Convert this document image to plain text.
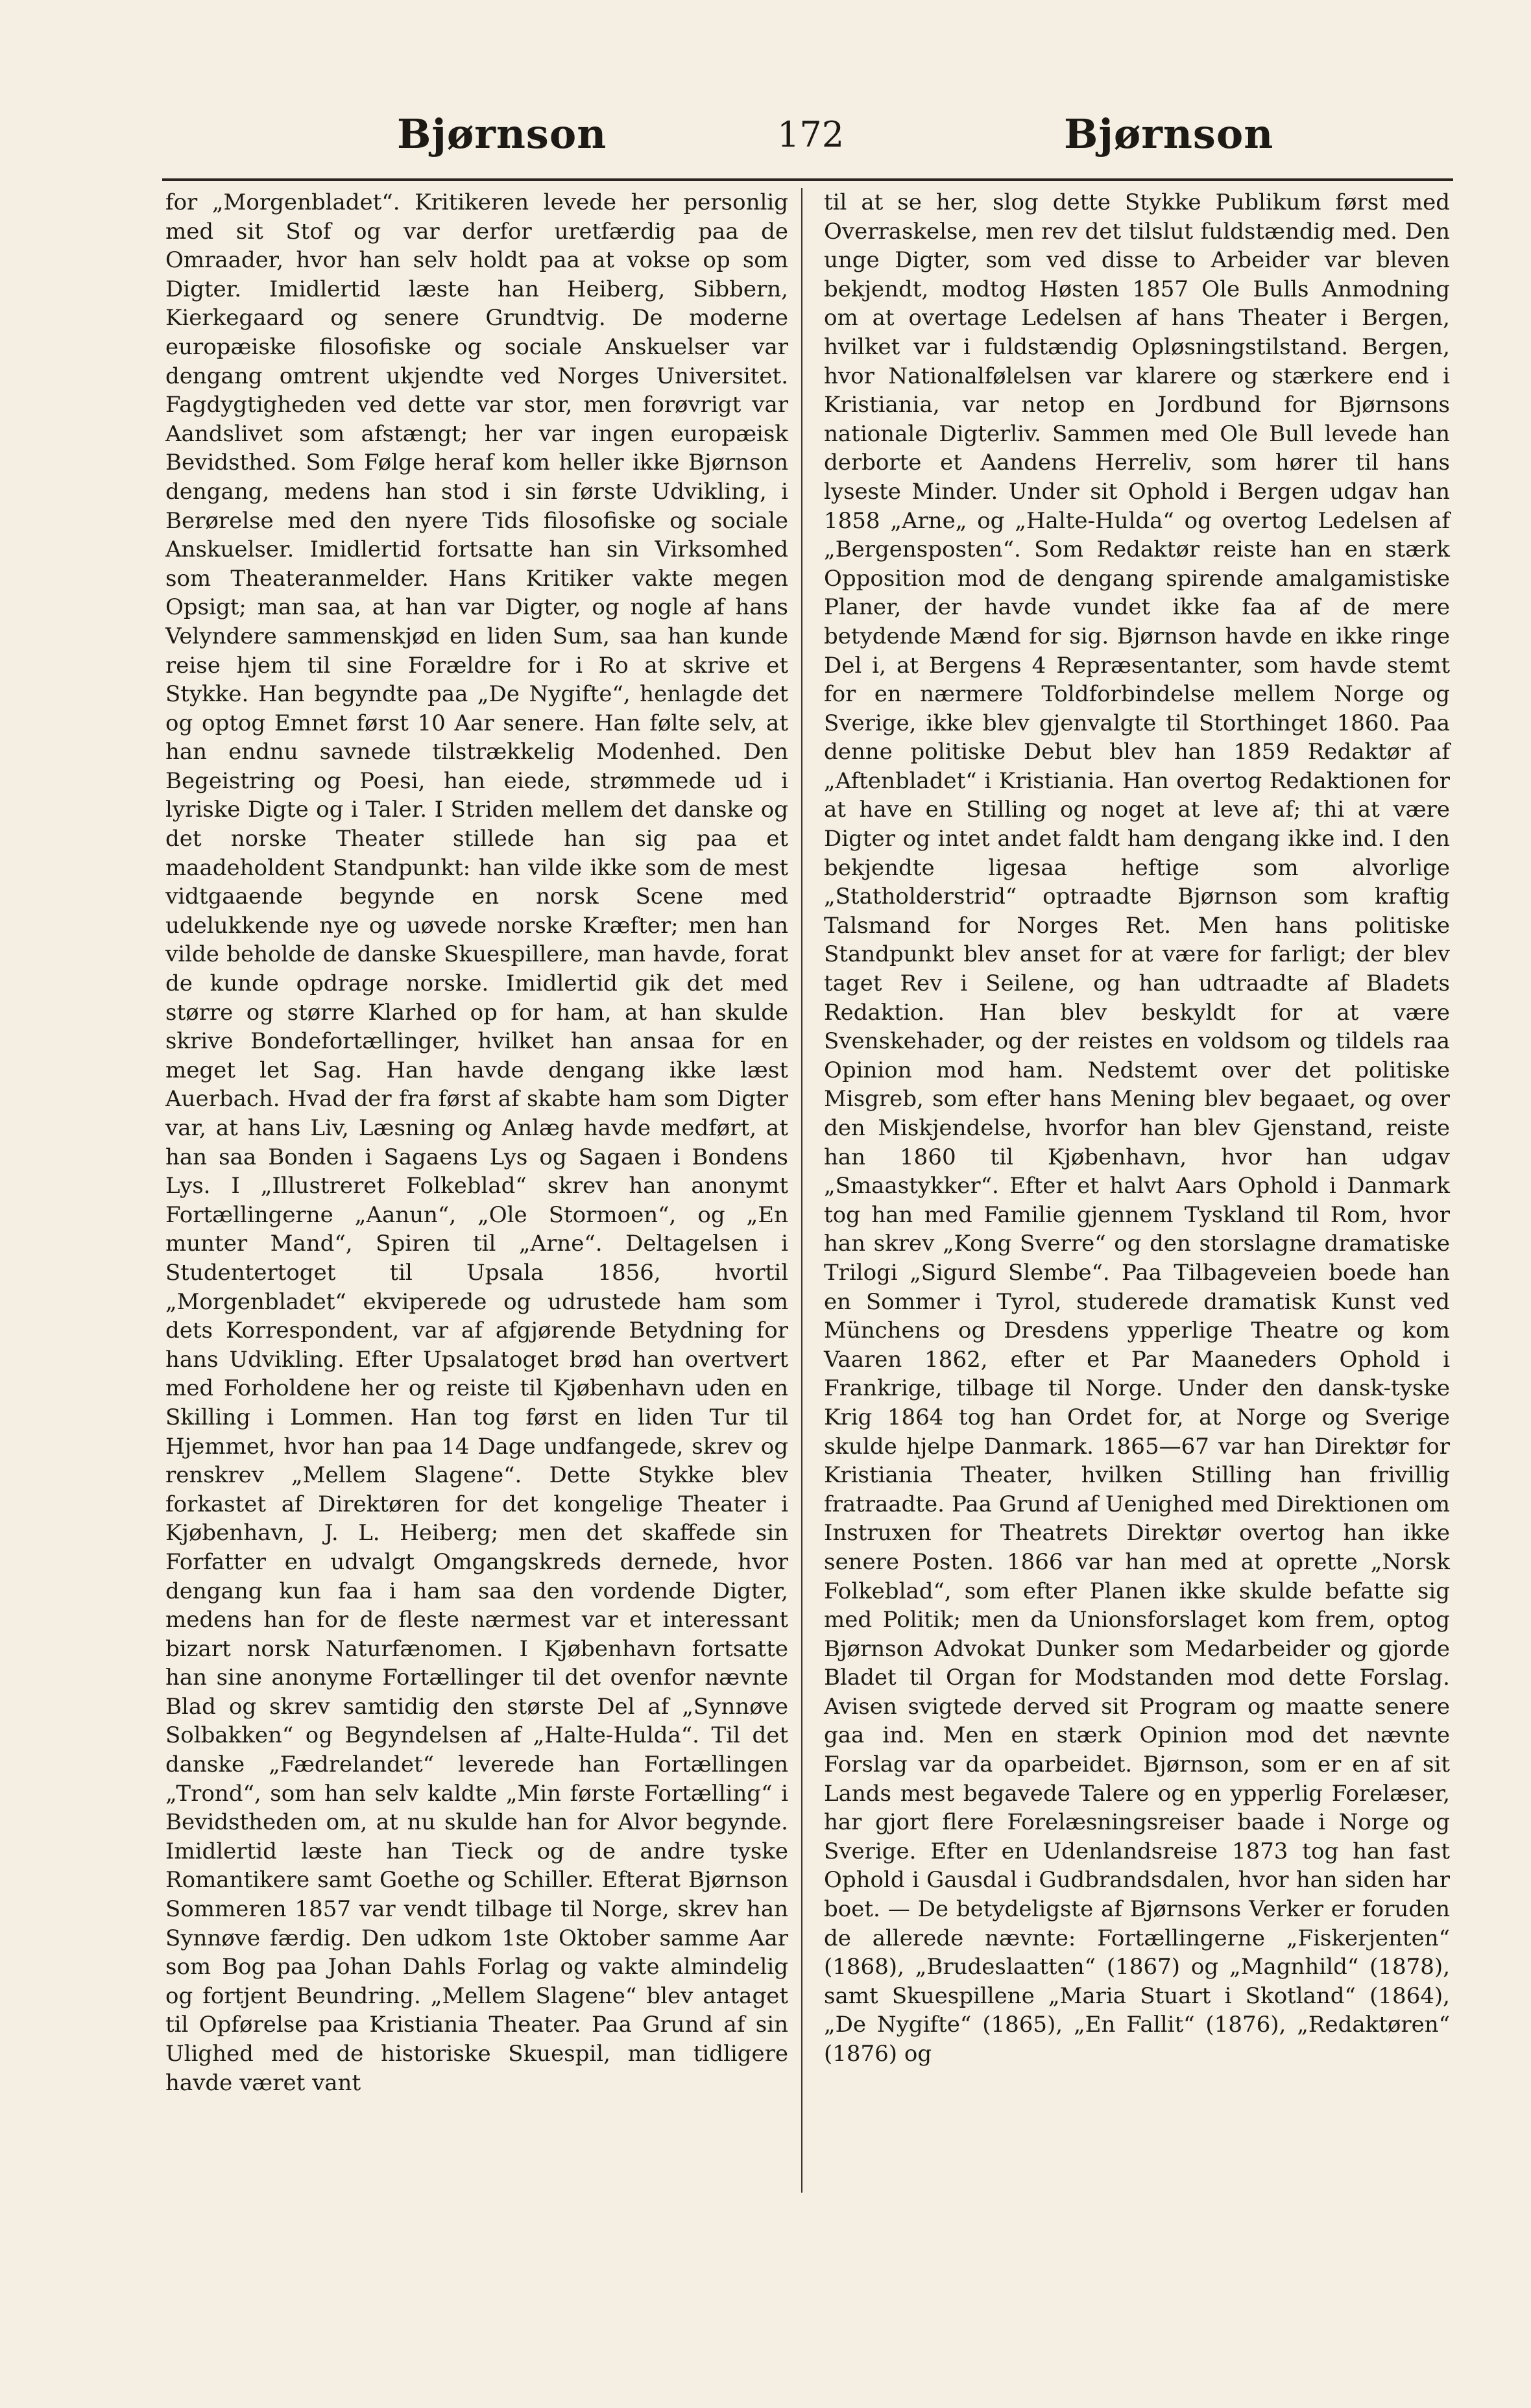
Bjørnson	172	Bjørnson

for „Morgenbladet“. Kritikeren levede her personlig med sit Stof og var derfor uretfærdig paa de Omraader, hvor han selv holdt paa at vokse op som Digter. Imidlertid læste han Heiberg, Sibbern, Kierkegaard og senere Grundtvig. De moderne europæiske filosofiske og sociale Anskuelser var dengang omtrent ukjendte ved Norges Universitet. Fagdygtigheden ved dette var stor, men forøvrigt var Aandslivet som afstængt; her var ingen europæisk Bevidsthed. Som Følge heraf kom heller ikke Bjørnson dengang, medens han stod i sin første Udvikling, i Berørelse med den nyere Tids filosofiske og sociale Anskuelser. Imidlertid fortsatte han sin Virksomhed som Theateranmelder. Hans Kritiker vakte megen Opsigt; man saa, at han var Digter, og nogle af hans Velyndere sammenskjød en liden Sum, saa han kunde reise hjem til sine Forældre for i Ro at skrive et Stykke. Han begyndte paa „De Nygifte“, henlagde det og optog Emnet først 10 Aar senere. Han følte selv, at han endnu savnede tilstrækkelig Modenhed. Den Begeistring og Poesi, han eiede, strømmede ud i lyriske Digte og i Taler. I Striden mellem det danske og det norske Theater stillede han sig paa et maadeholdent Standpunkt: han vilde ikke som de mest vidtgaaende begynde en norsk Scene med udelukkende nye og uøvede norske Kræfter; men han vilde beholde de danske Skuespillere, man havde, forat de kunde opdrage norske. Imidlertid gik det med større og større Klarhed op for ham, at han skulde skrive Bondefortællinger, hvilket han ansaa for en meget let Sag. Han havde dengang ikke læst Auerbach. Hvad der fra først af skabte ham som Digter var, at hans Liv, Læsning og Anlæg havde medført, at han saa Bonden i Sagaens Lys og Sagaen i Bondens Lys. I „Illustreret Folkeblad“ skrev han anonymt Fortællingerne „Aanun“, „Ole Stormoen“, og „En munter Mand“, Spiren til „Arne“. Deltagelsen i Studentertoget til Upsala 1856, hvortil „Morgenbladet“ ekviperede og udrustede ham som dets Korrespondent, var af afgjørende Betydning for hans Udvikling. Efter Upsalatoget brød han overtvert med Forholdene her og reiste til Kjøbenhavn uden en Skilling i Lommen. Han tog først en liden Tur til Hjemmet, hvor han paa 14 Dage undfangede, skrev og renskrev „Mellem Slagene“. Dette Stykke blev forkastet af Direktøren for det kongelige Theater i Kjøbenhavn, J. L. Heiberg; men det skaffede sin Forfatter en udvalgt Omgangskreds dernede, hvor dengang kun faa i ham saa den vordende Digter, medens han for de fleste nærmest var et interessant bizart norsk Naturfænomen. I Kjøbenhavn fortsatte han sine anonyme Fortællinger til det ovenfor nævnte Blad og skrev samtidig den største Del af „Synnøve Solbakken“ og Begyndelsen af „Halte-Hulda“. Til det danske „Fædrelandet“ leverede han Fortællingen „Trond“, som han selv kaldte „Min første Fortælling“ i Bevidstheden om, at nu skulde han for Alvor begynde. Imidlertid læste han Tieck og de andre tyske Romantikere samt Goethe og Schiller. Efterat Bjørnson Sommeren 1857 var vendt tilbage til Norge, skrev han Synnøve færdig. Den udkom 1ste Oktober samme Aar som Bog paa Johan Dahls Forlag og vakte almindelig og fortjent Beundring. „Mellem Slagene“ blev antaget til Opførelse paa Kristiania Theater. Paa Grund af sin Ulighed med de historiske Skuespil, man tidligere havde været vant

til at se her, slog dette Stykke Publikum først med Overraskelse, men rev det tilslut fuldstændig med. Den unge Digter, som ved disse to Arbeider var bleven bekjendt, modtog Høsten 1857 Ole Bulls Anmodning om at overtage Ledelsen af hans Theater i Bergen, hvilket var i fuldstændig Opløsningstilstand. Bergen, hvor Nationalfølelsen var klarere og stærkere end i Kristiania, var netop en Jordbund for Bjørnsons nationale Digterliv. Sammen med Ole Bull levede han derborte et Aandens Herreliv, som hører til hans lyseste Minder. Under sit Ophold i Bergen udgav han 1858 „Arne„ og „Halte-Hulda“ og overtog Ledelsen af „Bergensposten“. Som Redaktør reiste han en stærk Opposition mod de dengang spirende amalgamistiske Planer, der havde vundet ikke faa af de mere betydende Mænd for sig. Bjørnson havde en ikke ringe Del i, at Bergens 4 Repræsentanter, som havde stemt for en nærmere Toldforbindelse mellem Norge og Sverige, ikke blev gjenvalgte til Storthinget 1860. Paa denne politiske Debut blev han 1859 Redaktør af „Aftenbladet“ i Kristiania. Han overtog Redaktionen for at have en Stilling og noget at leve af; thi at være Digter og intet andet faldt ham dengang ikke ind. I den bekjendte ligesaa heftige som alvorlige „Statholderstrid“ optraadte Bjørnson som kraftig Talsmand for Norges Ret. Men hans politiske Standpunkt blev anset for at være for farligt; der blev taget Rev i Seilene, og han udtraadte af Bladets Redaktion. Han blev beskyldt for at være Svenskehader, og der reistes en voldsom og tildels raa Opinion mod ham. Nedstemt over det politiske Misgreb, som efter hans Mening blev begaaet, og over den Miskjendelse, hvorfor han blev Gjenstand, reiste han 1860 til Kjøbenhavn, hvor han udgav „Smaastykker“. Efter et halvt Aars Ophold i Danmark tog han med Familie gjennem Tyskland til Rom, hvor han skrev „Kong Sverre“ og den storslagne dramatiske Trilogi „Sigurd Slembe“. Paa Tilbageveien boede han en Sommer i Tyrol, studerede dramatisk Kunst ved Münchens og Dresdens ypperlige Theatre og kom Vaaren 1862, efter et Par Maaneders Ophold i Frankrige, tilbage til Norge. Under den dansk-tyske Krig 1864 tog han Ordet for, at Norge og Sverige skulde hjelpe Danmark. 1865—67 var han Direktør for Kristiania Theater, hvilken Stilling han frivillig fratraadte. Paa Grund af Uenighed med Direktionen om Instruxen for Theatrets Direktør overtog han ikke senere Posten. 1866 var han med at oprette „Norsk Folkeblad“, som efter Planen ikke skulde befatte sig med Politik; men da Unionsforslaget kom frem, optog Bjørnson Advokat Dunker som Medarbeider og gjorde Bladet til Organ for Modstanden mod dette Forslag. Avisen svigtede derved sit Program og maatte senere gaa ind. Men en stærk Opinion mod det nævnte Forslag var da oparbeidet. Bjørnson, som er en af sit Lands mest begavede Talere og en ypperlig Forelæser, har gjort flere Forelæsningsreiser baade i Norge og Sverige. Efter en Udenlandsreise 1873 tog han fast Ophold i Gausdal i Gudbrandsdalen, hvor han siden har boet. — De betydeligste af Bjørnsons Verker er foruden de allerede nævnte: Fortællingerne „Fiskerjenten“ (1868), „Brudeslaatten“ (1867) og „Magnhild“ (1878), samt Skuespillene „Maria Stuart i Skotland“ (1864), „De Nygifte“ (1865), „En Fallit“ (1876), „Redaktøren“ (1876) og
